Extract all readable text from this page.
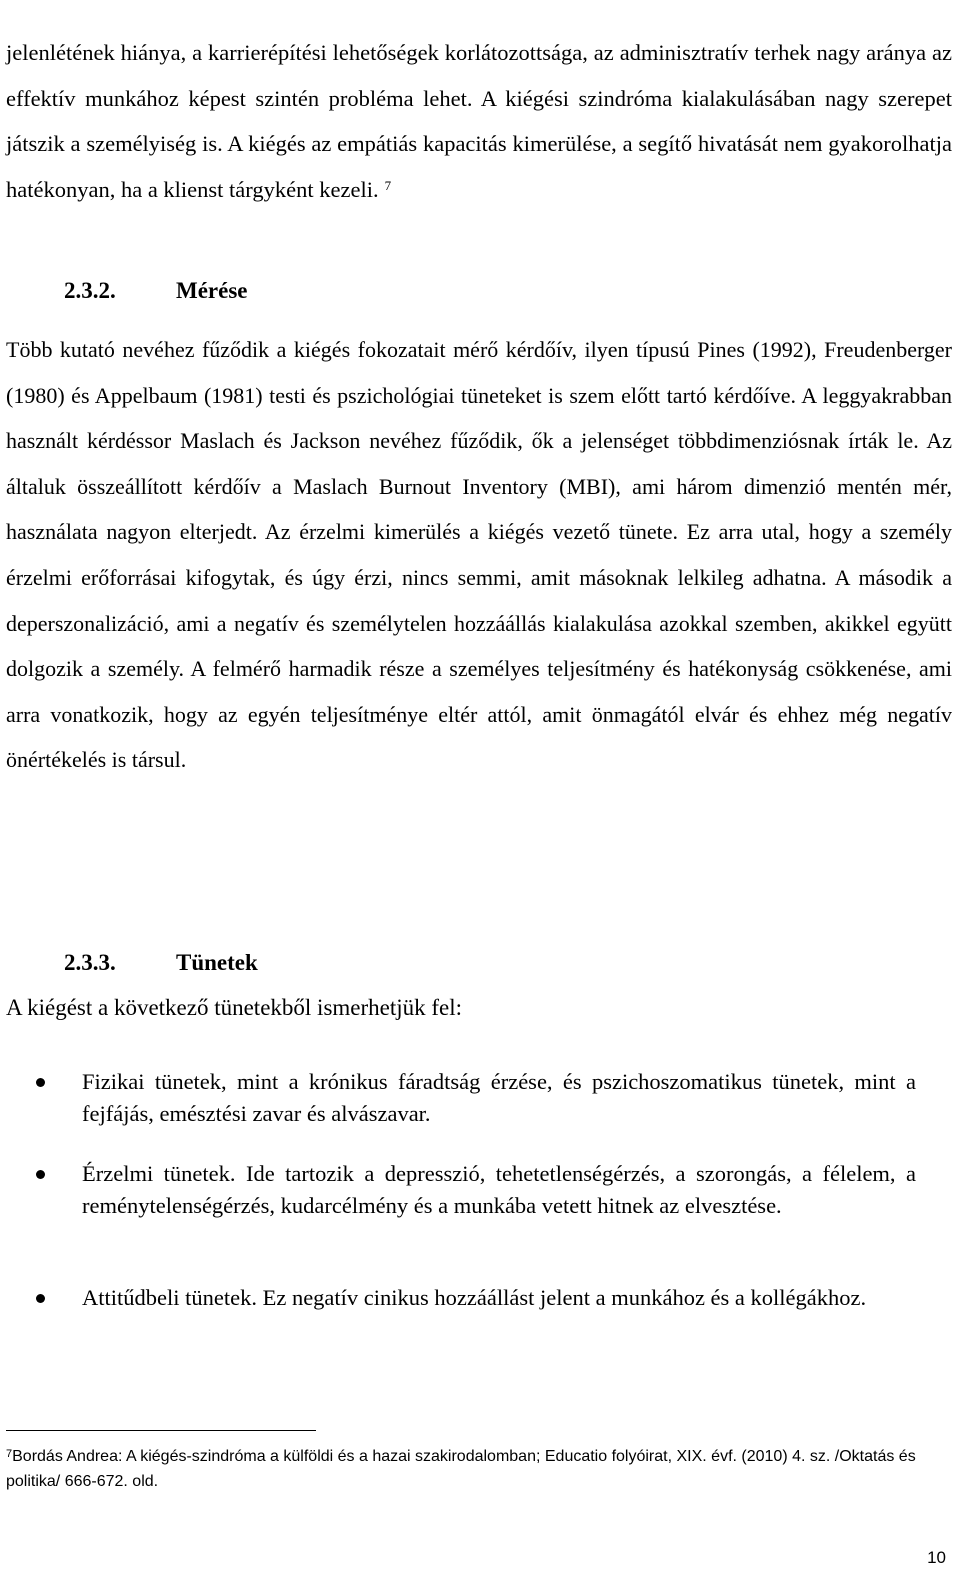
jelenlétének hiánya, a karrierépítési lehetőségek korlátozottsága, az adminisztratív terhek nagy aránya az effektív munkához képest szintén probléma lehet. A kiégési szindróma kialakulásában nagy szerepet játszik a személyiség is. A kiégés az empátiás kapacitás kimerülése, a segítő hivatását nem gyakorolhatja hatékonyan, ha a klienst tárgyként kezeli. $^7$
2.3.2.	Mérése
Több kutató nevéhez fűződik a kiégés fokozatait mérő kérdőív, ilyen típusú Pines (1992), Freudenberger (1980) és Appelbaum (1981) testi és pszichológiai tüneteket is szem előtt tartó kérdőíve. A leggyakrabban használt kérdéssor Maslach és Jackson nevéhez fűződik, ők a jelenséget többdimenziósnak írták le. Az általuk összeállított kérdőív a Maslach Burnout Inventory (MBI), ami három dimenzió mentén mér, használata nagyon elterjedt. Az érzelmi kimerülés a kiégés vezető tünete. Ez arra utal, hogy a személy érzelmi erőforrásai kifogytak, és úgy érzi, nincs semmi, amit másoknak lelkileg adhatna. A második a deperszonalizáció, ami a negatív és személytelen hozzáállás kialakulása azokkal szemben, akikkel együtt dolgozik a személy. A felmérő harmadik része a személyes teljesítmény és hatékonyság csökkenése, ami arra vonatkozik, hogy az egyén teljesítménye eltér attól, amit önmagától elvár és ehhez még negatív önértékelés is társul.
2.3.3.	Tünetek
A kiégést a következő tünetekből ismerhetjük fel:
Fizikai tünetek, mint a krónikus fáradtság érzése, és pszichoszomatikus tünetek, mint a fejfájás, emésztési zavar és alvászavar.
Érzelmi tünetek. Ide tartozik a depresszió, tehetetlenségérzés, a szorongás, a félelem, a reménytelenségérzés, kudarcélmény és a munkába vetett hitnek az elvesztése.
Attitűdbeli tünetek. Ez negatív cinikus hozzáállást jelent a munkához és a kollégákhoz.
$^7$Bordás Andrea: A kiégés-szindróma a külföldi és a hazai szakirodalomban; Educatio folyóirat, XIX. évf. (2010) 4. sz. /Oktatás és politika/ 666-672. old.
10
